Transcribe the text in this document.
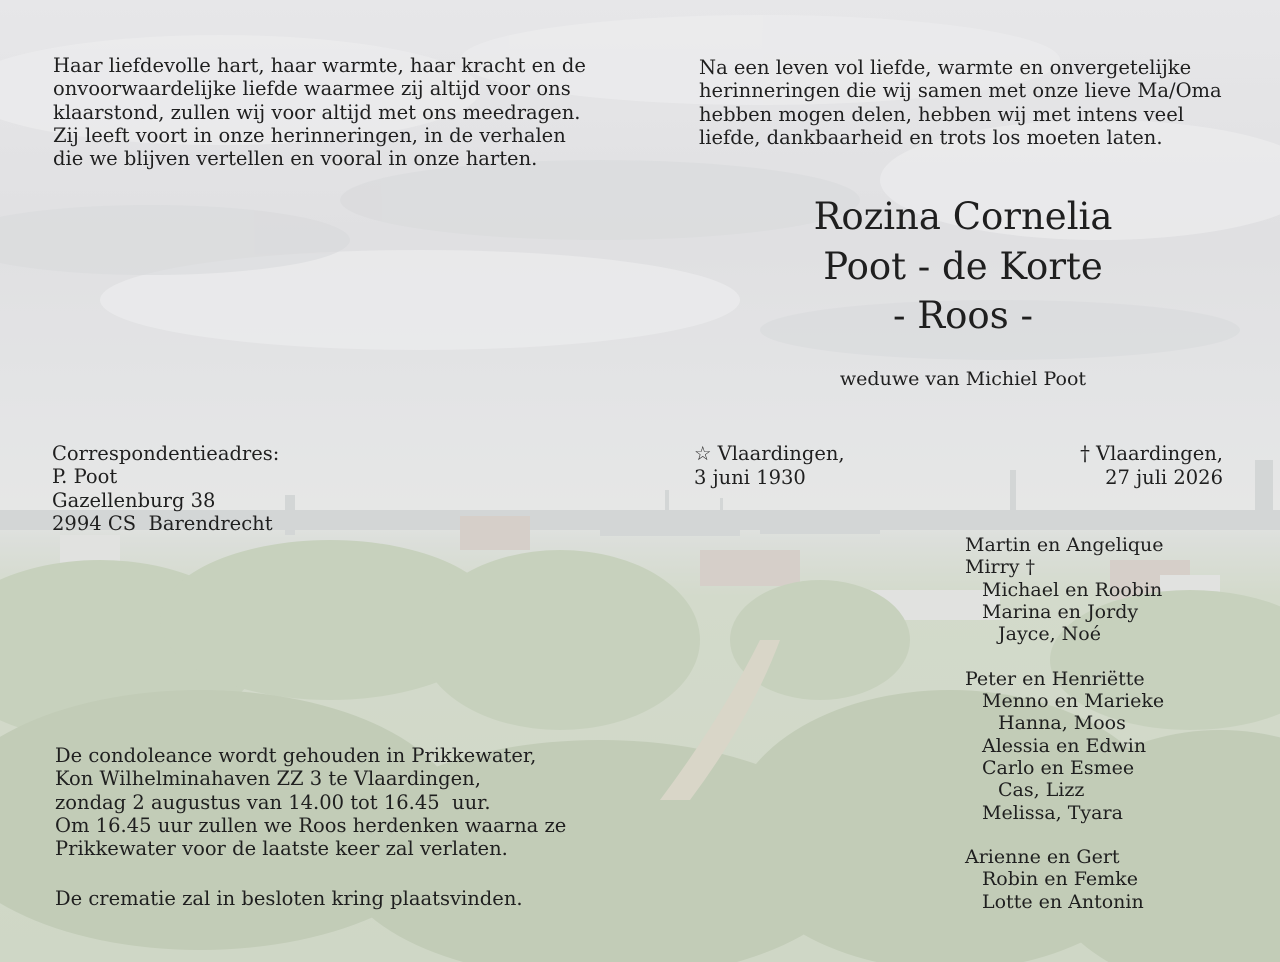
Haar liefdevolle hart, haar warmte, haar kracht en de
onvoorwaardelijke liefde waarmee zij altijd voor ons
klaarstond, zullen wij voor altijd met ons meedragen.
Zij leeft voort in onze herinneringen, in de verhalen
die we blijven vertellen en vooral in onze harten.
Na een leven vol liefde, warmte en onvergetelijke
herinneringen die wij samen met onze lieve Ma/Oma
hebben mogen delen, hebben wij met intens veel
liefde, dankbaarheid en trots los moeten laten.
Rozina Cornelia
Poot - de Korte
- Roos -
weduwe van Michiel Poot
☆ Vlaardingen,
3 juni 1930
† Vlaardingen,
27 juli 2026
Correspondentieadres:
P. Poot
Gazellenburg 38
2994 CS  Barendrecht
Martin en Angelique
Mirry †
Michael en Roobin
Marina en Jordy
Jayce, Noé
Peter en Henriëtte
Menno en Marieke
Hanna, Moos
Alessia en Edwin
Carlo en Esmee
Cas, Lizz
Melissa, Tyara
Arienne en Gert
Robin en Femke
Lotte en Antonin
De condoleance wordt gehouden in Prikkewater,
Kon Wilhelminahaven ZZ 3 te Vlaardingen,
zondag 2 augustus van 14.00 tot 16.45  uur.
Om 16.45 uur zullen we Roos herdenken waarna ze
Prikkewater voor de laatste keer zal verlaten.
De crematie zal in besloten kring plaatsvinden.
